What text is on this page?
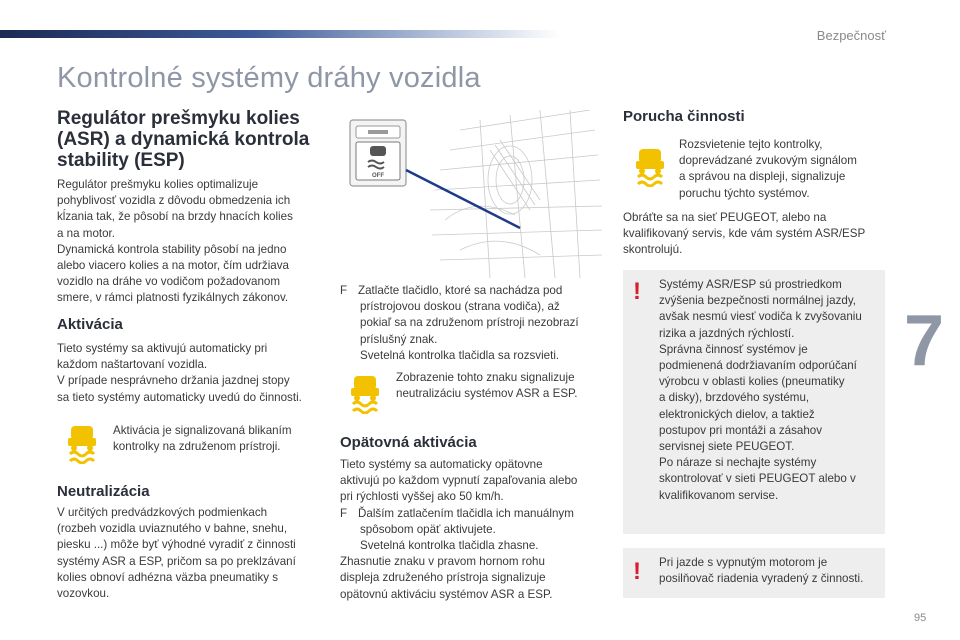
Bezpečnosť
Kontrolné systémy dráhy vozidla
7
95
Regulátor prešmyku kolies
(ASR) a dynamická kontrola
stability (ESP)

Regulátor prešmyku kolies optimalizuje
pohyblivosť vozidla z dôvodu obmedzenia ich
kĺzania tak, že pôsobí na brzdy hnacích kolies
a na motor.
Dynamická kontrola stability pôsobí na jedno
alebo viacero kolies a na motor, čím udržiava
vozidlo na dráhe vo vodičom požadovanom
smere, v rámci platnosti fyzikálnych zákonov.

Aktivácia

Tieto systémy sa aktivujú automaticky pri
každom naštartovaní vozidla.
V prípade nesprávneho držania jazdnej stopy
sa tieto systémy automaticky uvedú do činnosti.

Aktivácia je signalizovaná blikaním
kontrolky na združenom prístroji.

Neutralizácia

V určitých predvádzkových podmienkach
(rozbeh vozidla uviaznutého v bahne, snehu,
piesku ...) môže byť výhodné vyradiť z činnosti
systémy ASR a ESP, pričom sa po preklzávaní
kolies obnoví adhézna väzba pneumatiky s
vozovkou.

OFF

F Zatlačte tlačidlo, ktoré sa nachádza pod
prístrojovou doskou (strana vodiča), až
pokiaľ sa na združenom prístroji nezobrazí
príslušný znak.
Svetelná kontrolka tlačidla sa rozsvieti.

Zobrazenie tohto znaku signalizuje
neutralizáciu systémov ASR a ESP.

Opätovná aktivácia

Tieto systémy sa automaticky opätovne
aktivujú po každom vypnutí zapaľovania alebo
pri rýchlosti vyššej ako 50 km/h.
F Ďalším zatlačením tlačidla ich manuálnym
spôsobom opäť aktivujete.
Svetelná kontrolka tlačidla zhasne.
Zhasnutie znaku v pravom hornom rohu
displeja združeného prístroja signalizuje
opätovnú aktiváciu systémov ASR a ESP.

Porucha činnosti

Rozsvietenie tejto kontrolky,
doprevádzané zvukovým signálom
a správou na displeji, signalizuje
poruchu týchto systémov.

Obráťte sa na sieť PEUGEOT, alebo na
kvalifikovaný servis, kde vám systém ASR/ESP
skontrolujú.

! Systémy ASR/ESP sú prostriedkom
zvýšenia bezpečnosti normálnej jazdy,
avšak nesmú viesť vodiča k zvyšovaniu
rizika a jazdných rýchlostí.
Správna činnosť systémov je
podmienená dodržiavaním odporúčaní
výrobcu v oblasti kolies (pneumatiky
a disky), brzdového systému,
elektronických dielov, a taktiež
postupov pri montáži a zásahov
servisnej siete PEUGEOT.
Po náraze si nechajte systémy
skontrolovať v sieti PEUGEOT alebo v
kvalifikovanom servise.

! Pri jazde s vypnutým motorom je
posilňovač riadenia vyradený z činnosti.
